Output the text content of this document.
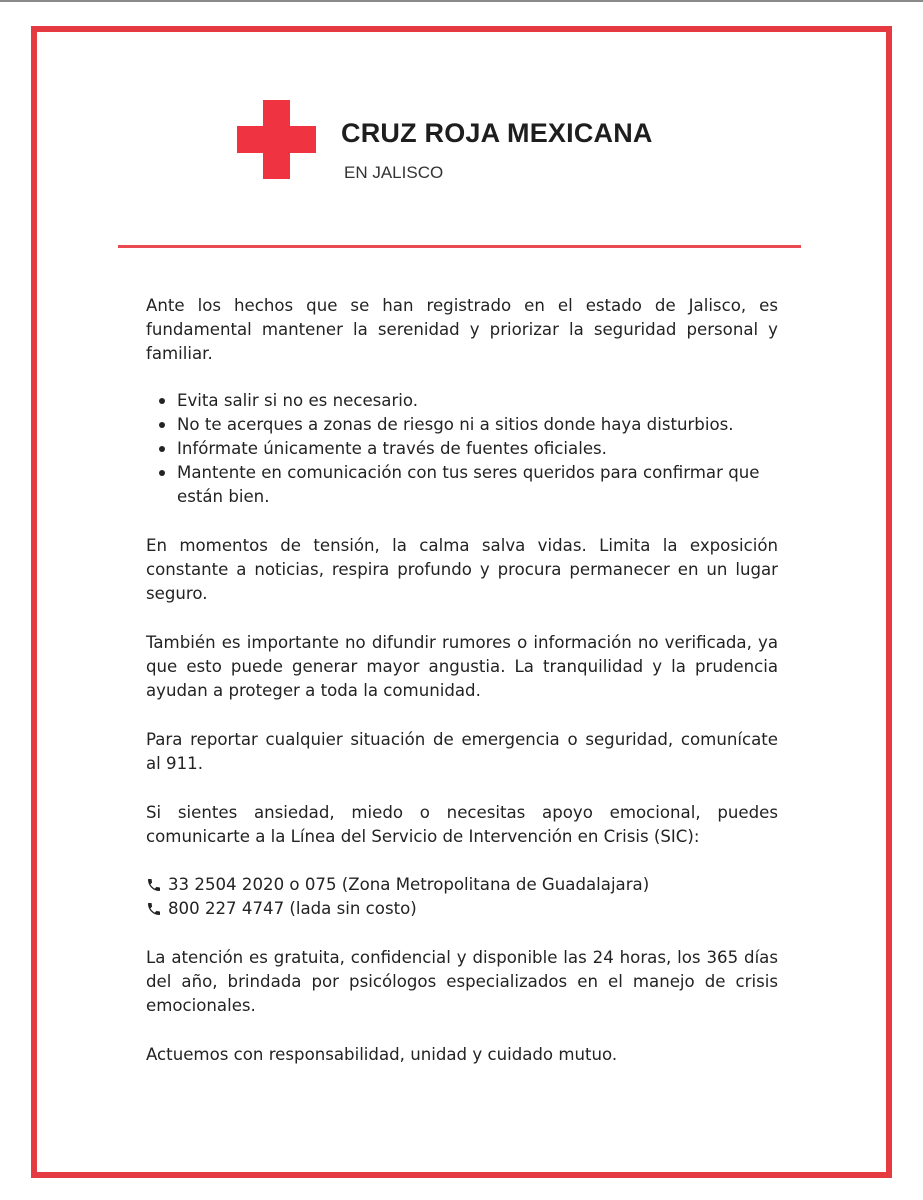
CRUZ ROJA MEXICANA
EN JALISCO

Ante los hechos que se han registrado en el estado de Jalisco, es fundamental mantener la serenidad y priorizar la seguridad personal y familiar.

Evita salir si no es necesario.
No te acerques a zonas de riesgo ni a sitios donde haya disturbios.
Infórmate únicamente a través de fuentes oficiales.
Mantente en comunicación con tus seres queridos para confirmar que están bien.

En momentos de tensión, la calma salva vidas. Limita la exposición constante a noticias, respira profundo y procura permanecer en un lugar seguro.

También es importante no difundir rumores o información no verificada, ya que esto puede generar mayor angustia. La tranquilidad y la prudencia ayudan a proteger a toda la comunidad.

Para reportar cualquier situación de emergencia o seguridad, comunícate al 911.

Si sientes ansiedad, miedo o necesitas apoyo emocional, puedes comunicarte a la Línea del Servicio de Intervención en Crisis (SIC):

33 2504 2020 o 075 (Zona Metropolitana de Guadalajara)
800 227 4747 (lada sin costo)

La atención es gratuita, confidencial y disponible las 24 horas, los 365 días del año, brindada por psicólogos especializados en el manejo de crisis emocionales.

Actuemos con responsabilidad, unidad y cuidado mutuo.
